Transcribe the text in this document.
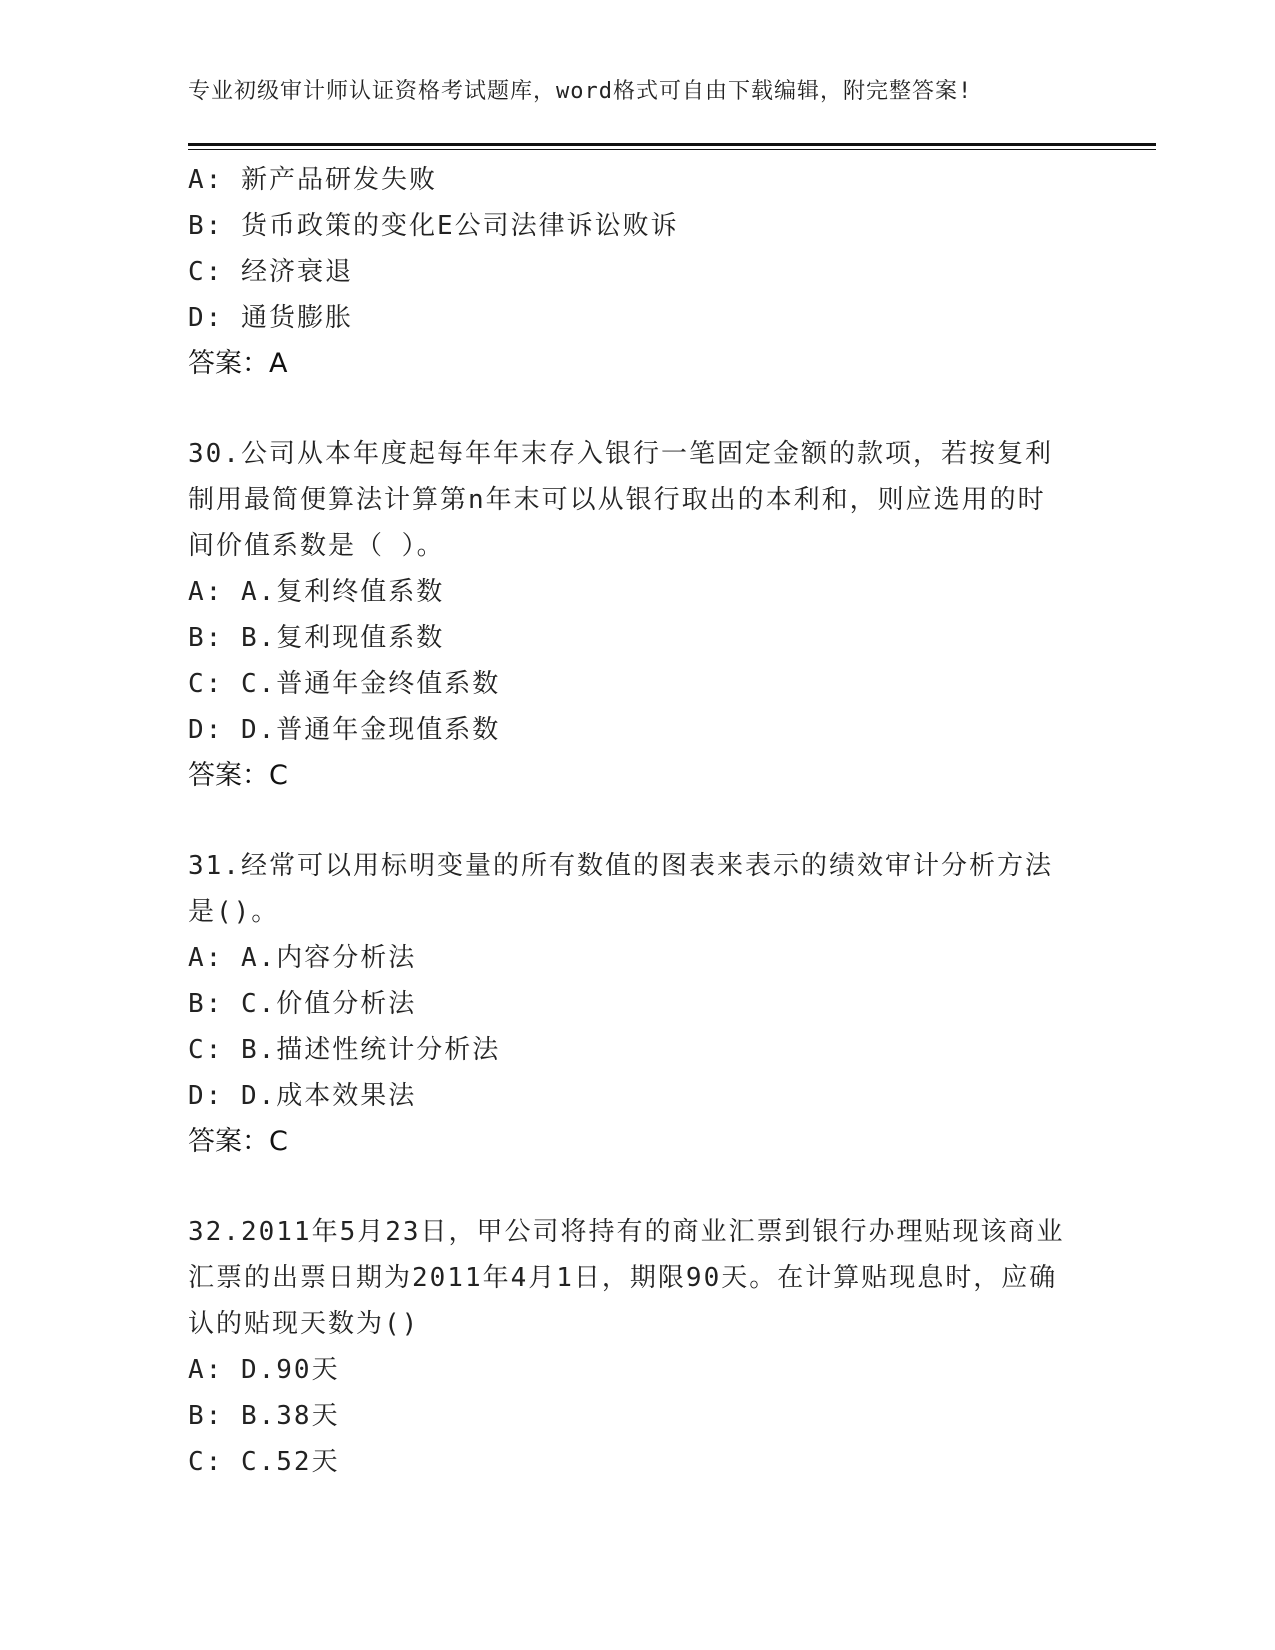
专业初级审计师认证资格考试题库，word格式可自由下载编辑，附完整答案!
A: 新产品研发失败
B: 货币政策的变化E公司法律诉讼败诉
C: 经济衰退
D: 通货膨胀
答案：A
30.公司从本年度起每年年末存入银行一笔固定金额的款项，若按复利制用最简便算法计算第n年末可以从银行取出的本利和，则应选用的时间价值系数是（ ）。
A: A.复利终值系数
B: B.复利现值系数
C: C.普通年金终值系数
D: D.普通年金现值系数
答案：C
31.经常可以用标明变量的所有数值的图表来表示的绩效审计分析方法是()。
A: A.内容分析法
B: C.价值分析法
C: B.描述性统计分析法
D: D.成本效果法
答案：C
32.2011年5月23日，甲公司将持有的商业汇票到银行办理贴现该商业汇票的出票日期为2011年4月1日，期限90天。在计算贴现息时，应确认的贴现天数为()
A: D.90天
B: B.38天
C: C.52天
